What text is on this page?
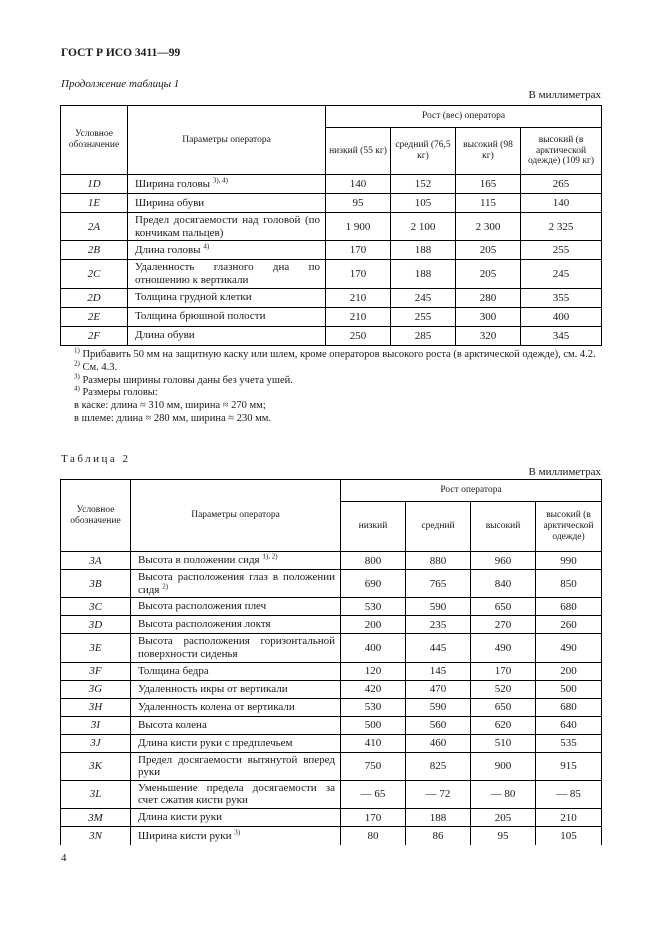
ГОСТ Р ИСО 3411—99
Продолжение таблицы 1
В миллиметрах
Условное обозначение	Параметры оператора	Рост (вес) оператора			
		низкий (55 кг)	средний (76,5 кг)	высокий (98 кг)	высокий (в арктической одежде) (109 кг)
1D	Ширина головы $^{3), 4)}$	140	152	165	265
1E	Ширина обуви	95	105	115	140
2A	Предел досягаемости над головой (по кончикам пальцев)	1 900	2 100	2 300	2 325
2B	Длина головы $^{4)}$	170	188	205	255
2C	Удаленность глазного дна по отношению к вертикали	170	188	205	245
2D	Толщина грудной клетки	210	245	280	355
2E	Толщина брюшной полости	210	255	300	400
2F	Длина обуви	250	285	320	345

$^{1)}$ Прибавить 50 мм на защитную каску или шлем, кроме операторов высокого роста (в арктической одежде), см. 4.2.

$^{2)}$ См. 4.3.

$^{3)}$ Размеры ширины головы даны без учета ушей.

$^{4)}$ Размеры головы:

в каске: длина ≈ 310 мм, ширина ≈ 270 мм;

в шлеме: длина ≈ 280 мм, ширина ≈ 230 мм.

Таблица 2
В миллиметрах
Условное обозначение	Параметры оператора	Рост оператора			
		низкий	средний	высокий	высокий (в арктической одежде)
3A	Высота в положении сидя $^{1), 2)}$	800	880	960	990
3B	Высота расположения глаз в положении сидя $^{2)}$	690	765	840	850
3C	Высота расположения плеч	530	590	650	680
3D	Высота расположения локтя	200	235	270	260
3E	Высота расположения горизонтальной поверхности сиденья	400	445	490	490
3F	Толщина бедра	120	145	170	200
3G	Удаленность икры от вертикали	420	470	520	500
3H	Удаленность колена от вертикали	530	590	650	680
3I	Высота колена	500	560	620	640
3J	Длина кисти руки с предплечьем	410	460	510	535
3K	Предел досягаемости вытянутой вперед руки	750	825	900	915
3L	Уменьшение предела досягаемости за счет сжатия кисти руки	— 65	— 72	— 80	— 85
3M	Длина кисти руки	170	188	205	210
3N	Ширина кисти руки $^{3)}$	80	86	95	105
4
